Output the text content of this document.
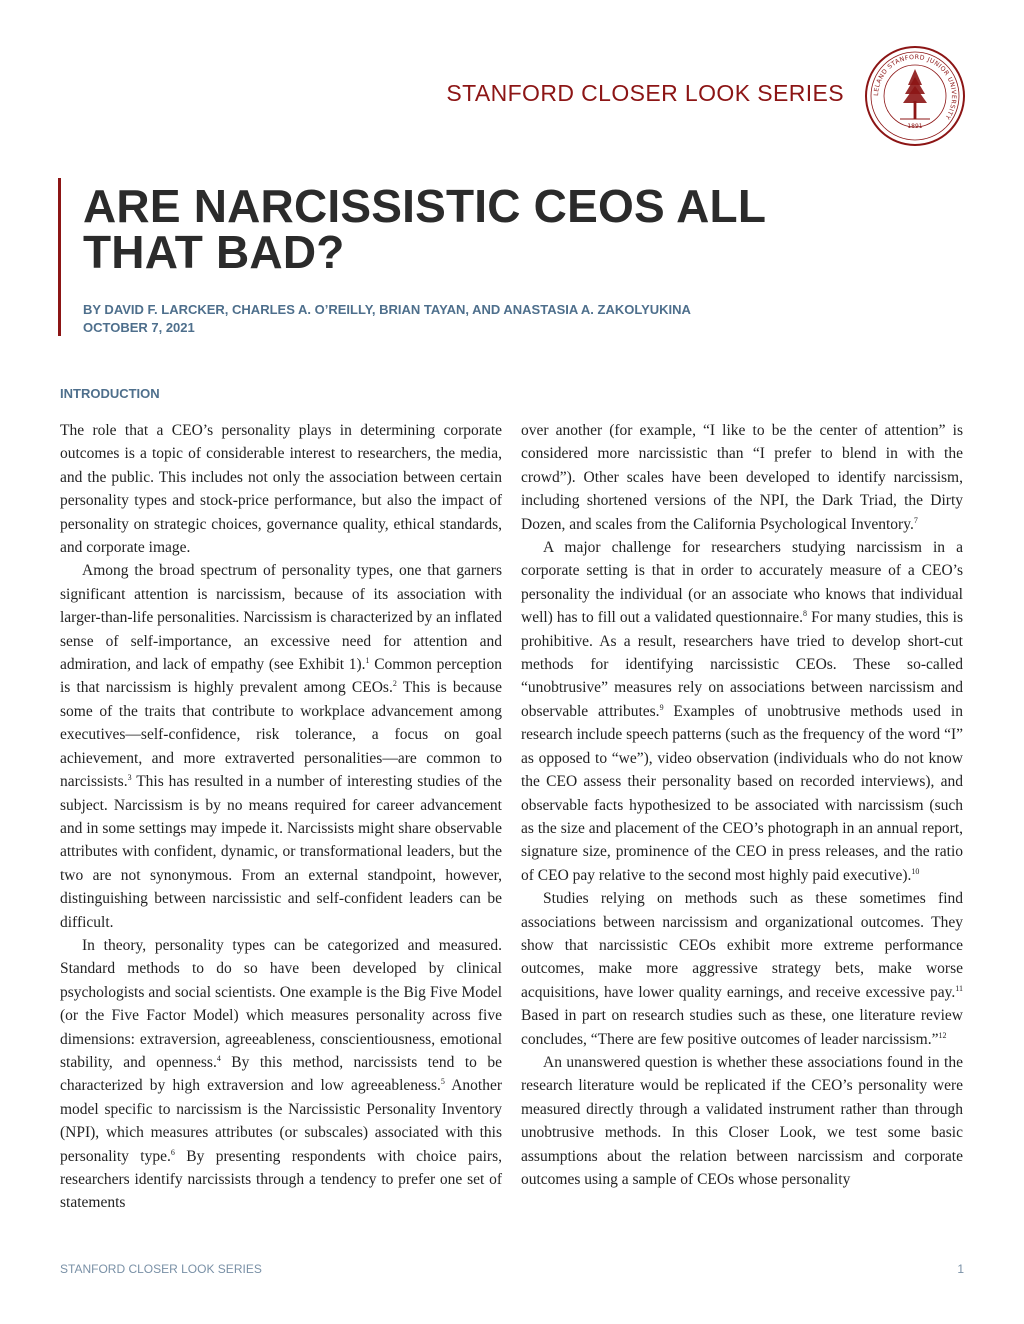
STANFORD CLOSER LOOK SERIES	LELAND STANFORD JUNIOR UNIVERSITY
1891
ARE NARCISSISTIC CEOS ALL THAT BAD?
BY DAVID F. LARCKER, CHARLES A. O’REILLY, BRIAN TAYAN, AND ANASTASIA A. ZAKOLYUKINA
OCTOBER 7, 2021
INTRODUCTION

The role that a CEO’s personality plays in determining corporate outcomes is a topic of considerable interest to researchers, the media, and the public. This includes not only the association between certain personality types and stock-price performance, but also the impact of personality on strategic choices, governance quality, ethical standards, and corporate image.

Among the broad spectrum of personality types, one that garners significant attention is narcissism, because of its association with larger-than-life personalities. Narcissism is characterized by an inflated sense of self-importance, an excessive need for attention and admiration, and lack of empathy (see Exhibit 1).$^1$ Common perception is that narcissism is highly prevalent among CEOs.$^2$ This is because some of the traits that contribute to workplace advancement among executives—self-confidence, risk tolerance, a focus on goal achievement, and more extraverted personalities—are common to narcissists.$^3$ This has resulted in a number of interesting studies of the subject. Narcissism is by no means required for career advancement and in some settings may impede it. Narcissists might share observable attributes with confident, dynamic, or transformational leaders, but the two are not synonymous. From an external standpoint, however, distinguishing between narcissistic and self-confident leaders can be difficult.

In theory, personality types can be categorized and measured. Standard methods to do so have been developed by clinical psychologists and social scientists. One example is the Big Five Model (or the Five Factor Model) which measures personality across five dimensions: extraversion, agreeableness, conscientiousness, emotional stability, and openness.$^4$ By this method, narcissists tend to be characterized by high extraversion and low agreeableness.$^5$ Another model specific to narcissism is the Narcissistic Personality Inventory (NPI), which measures attributes (or subscales) associated with this personality type.$^6$ By presenting respondents with choice pairs, researchers identify narcissists through a tendency to prefer one set of statements

over another (for example, “I like to be the center of attention” is considered more narcissistic than “I prefer to blend in with the crowd”). Other scales have been developed to identify narcissism, including shortened versions of the NPI, the Dark Triad, the Dirty Dozen, and scales from the California Psychological Inventory.$^7$

A major challenge for researchers studying narcissism in a corporate setting is that in order to accurately measure of a CEO’s personality the individual (or an associate who knows that individual well) has to fill out a validated questionnaire.$^8$ For many studies, this is prohibitive. As a result, researchers have tried to develop short-cut methods for identifying narcissistic CEOs. These so-called “unobtrusive” measures rely on associations between narcissism and observable attributes.$^9$ Examples of unobtrusive methods used in research include speech patterns (such as the frequency of the word “I” as opposed to “we”), video observation (individuals who do not know the CEO assess their personality based on recorded interviews), and observable facts hypothesized to be associated with narcissism (such as the size and placement of the CEO’s photograph in an annual report, signature size, prominence of the CEO in press releases, and the ratio of CEO pay relative to the second most highly paid executive).$^{10}$

Studies relying on methods such as these sometimes find associations between narcissism and organizational outcomes. They show that narcissistic CEOs exhibit more extreme performance outcomes, make more aggressive strategy bets, make worse acquisitions, have lower quality earnings, and receive excessive pay.$^{11}$ Based in part on research studies such as these, one literature review concludes, “There are few positive outcomes of leader narcissism.”$^{12}$

An unanswered question is whether these associations found in the research literature would be replicated if the CEO’s personality were measured directly through a validated instrument rather than through unobtrusive methods. In this Closer Look, we test some basic assumptions about the relation between narcissism and corporate outcomes using a sample of CEOs whose personality

STANFORD CLOSER LOOK SERIES	1
